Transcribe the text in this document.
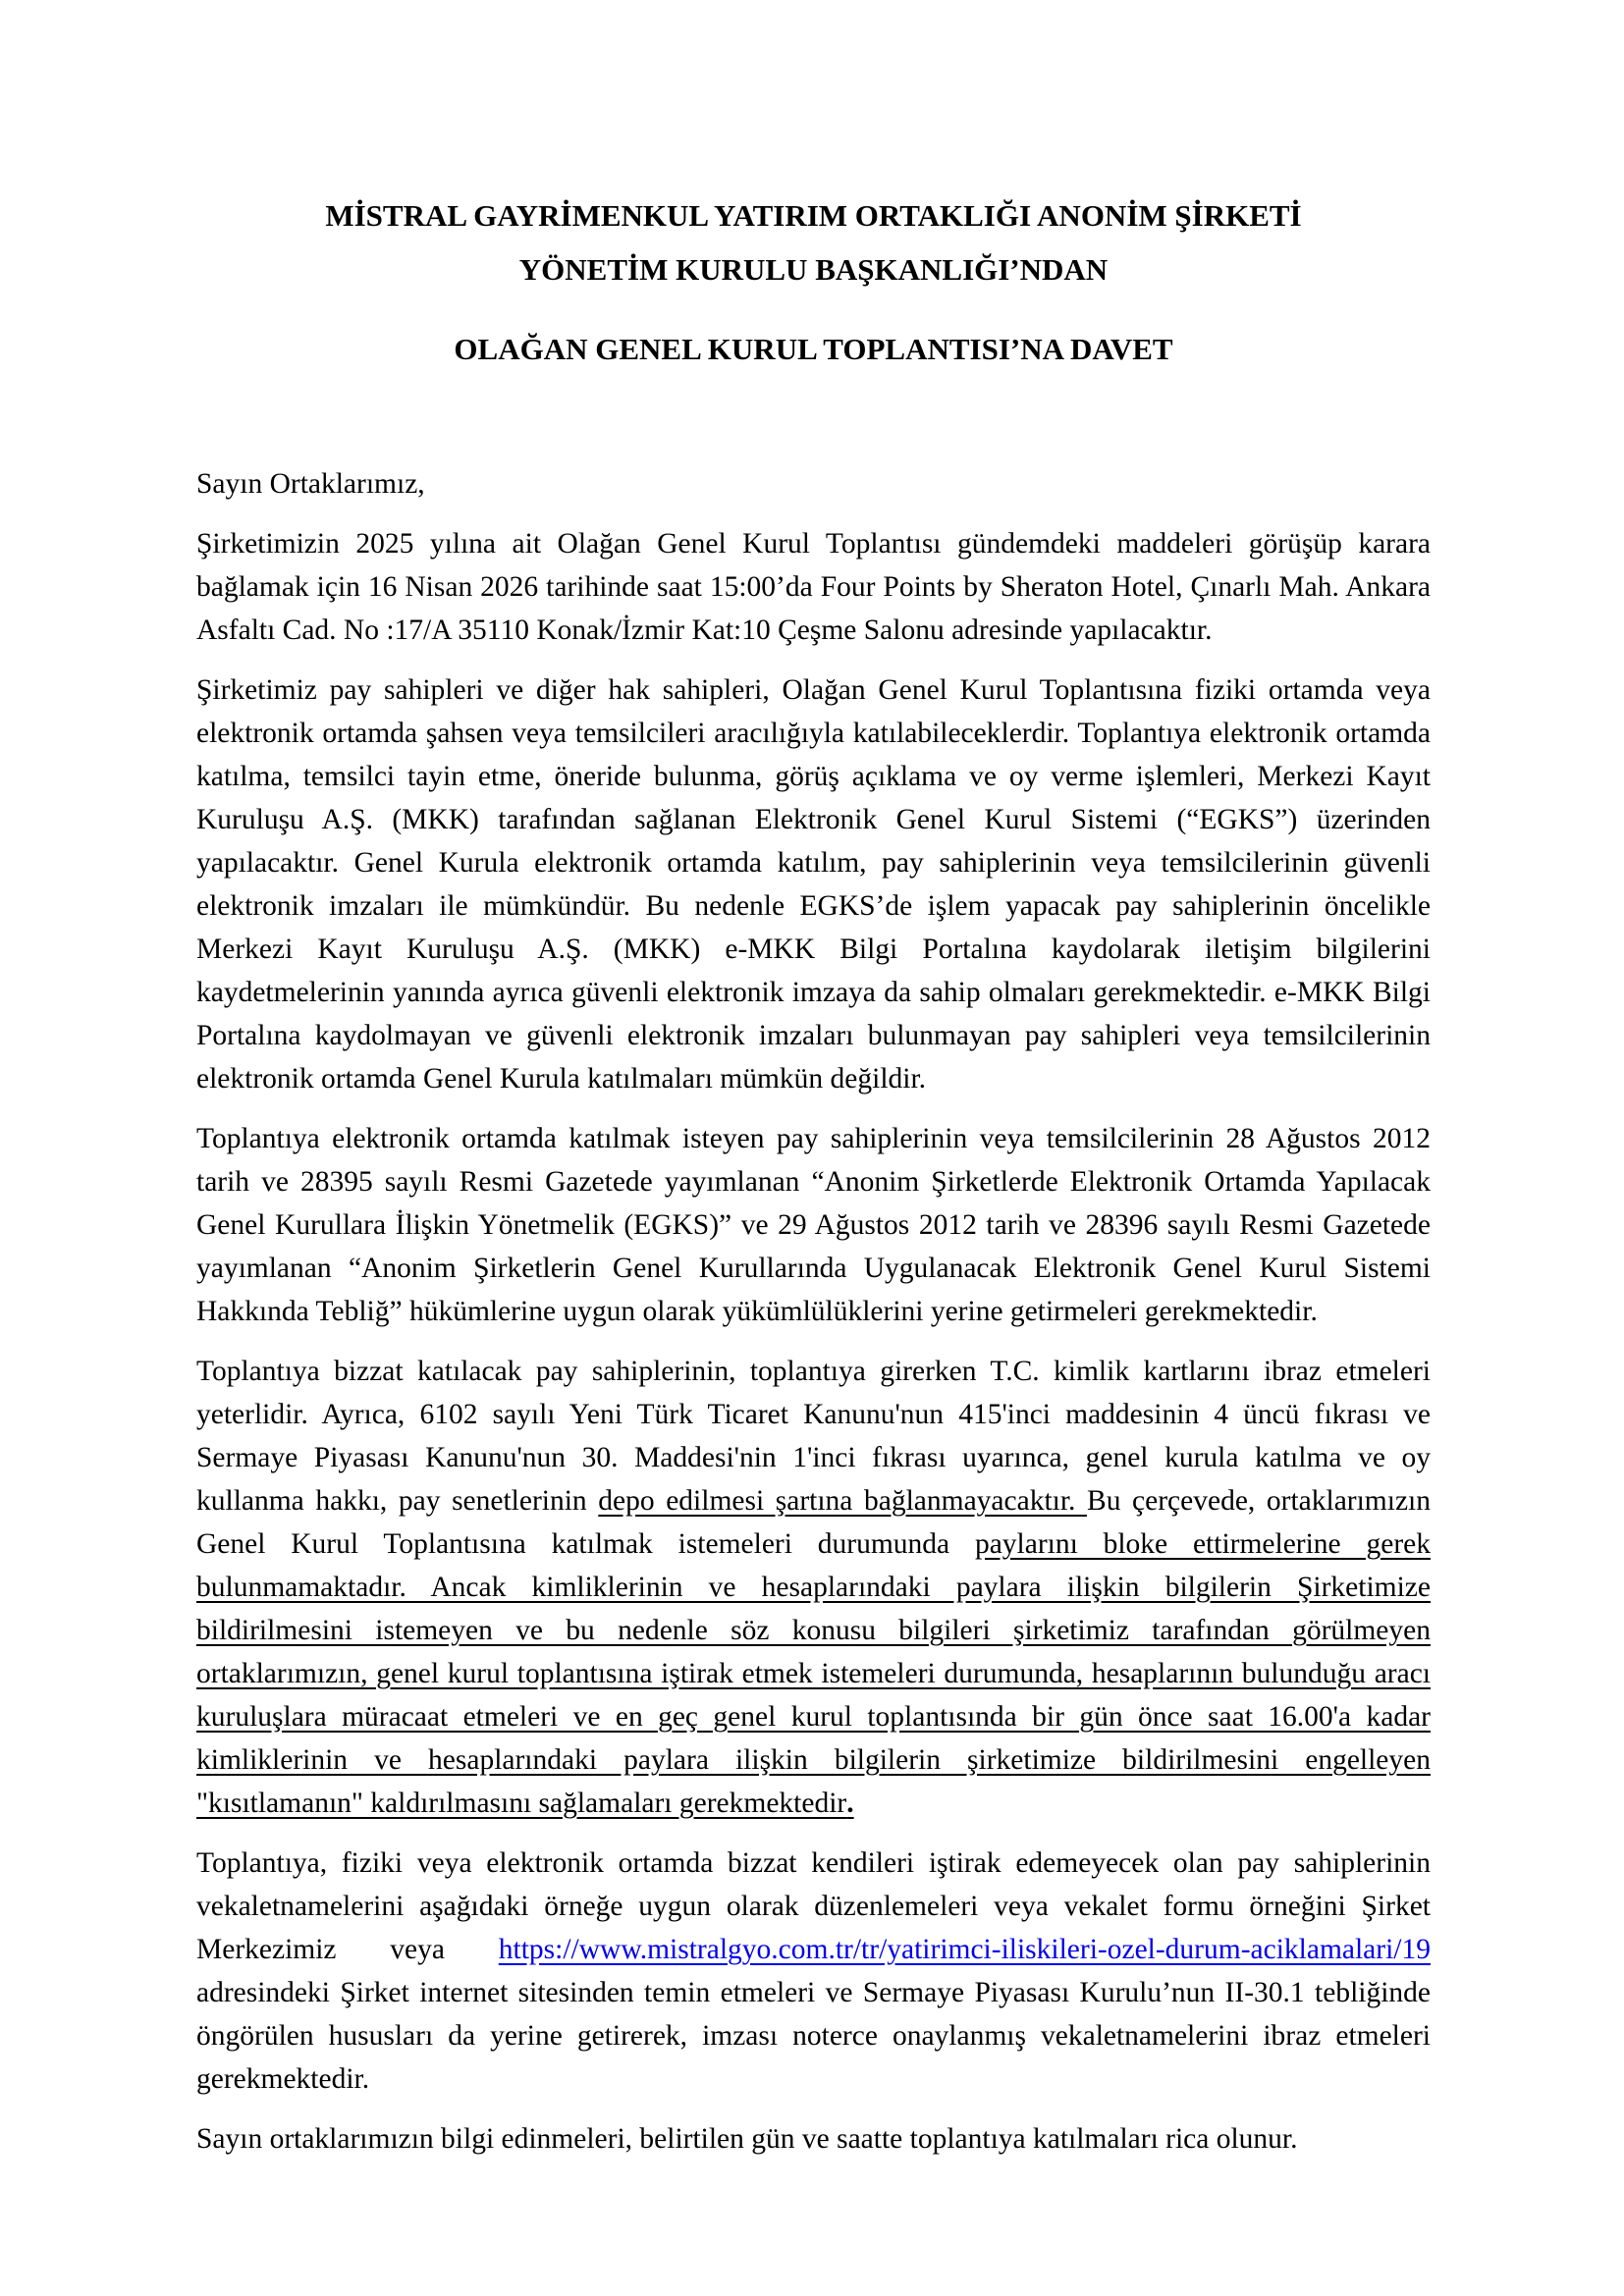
MİSTRAL GAYRİMENKUL YATIRIM ORTAKLIĞI ANONİM ŞİRKETİ
YÖNETİM KURULU BAŞKANLIĞI’NDAN
OLAĞAN GENEL KURUL TOPLANTISI’NA DAVET

Sayın Ortaklarımız,

Şirketimizin 2025 yılına ait Olağan Genel Kurul Toplantısı gündemdeki maddeleri görüşüp karara bağlamak için 16 Nisan 2026 tarihinde saat 15:00’da Four Points by Sheraton Hotel, Çınarlı Mah. Ankara Asfaltı Cad. No :17/A 35110 Konak/İzmir Kat:10 Çeşme Salonu adresinde yapılacaktır.

Şirketimiz pay sahipleri ve diğer hak sahipleri, Olağan Genel Kurul Toplantısına fiziki ortamda veya elektronik ortamda şahsen veya temsilcileri aracılığıyla katılabileceklerdir. Toplantıya elektronik ortamda katılma, temsilci tayin etme, öneride bulunma, görüş açıklama ve oy verme işlemleri, Merkezi Kayıt Kuruluşu A.Ş. (MKK) tarafından sağlanan Elektronik Genel Kurul Sistemi (“EGKS”) üzerinden yapılacaktır. Genel Kurula elektronik ortamda katılım, pay sahiplerinin veya temsilcilerinin güvenli elektronik imzaları ile mümkündür. Bu nedenle EGKS’de işlem yapacak pay sahiplerinin öncelikle Merkezi Kayıt Kuruluşu A.Ş. (MKK) e-MKK Bilgi Portalına kaydolarak iletişim bilgilerini kaydetmelerinin yanında ayrıca güvenli elektronik imzaya da sahip olmaları gerekmektedir. e-MKK Bilgi Portalına kaydolmayan ve güvenli elektronik imzaları bulunmayan pay sahipleri veya temsilcilerinin elektronik ortamda Genel Kurula katılmaları mümkün değildir.

Toplantıya elektronik ortamda katılmak isteyen pay sahiplerinin veya temsilcilerinin 28 Ağustos 2012 tarih ve 28395 sayılı Resmi Gazetede yayımlanan “Anonim Şirketlerde Elektronik Ortamda Yapılacak Genel Kurullara İlişkin Yönetmelik (EGKS)” ve 29 Ağustos 2012 tarih ve 28396 sayılı Resmi Gazetede yayımlanan “Anonim Şirketlerin Genel Kurullarında Uygulanacak Elektronik Genel Kurul Sistemi Hakkında Tebliğ” hükümlerine uygun olarak yükümlülüklerini yerine getirmeleri gerekmektedir.

Toplantıya bizzat katılacak pay sahiplerinin, toplantıya girerken T.C. kimlik kartlarını ibraz etmeleri yeterlidir. Ayrıca, 6102 sayılı Yeni Türk Ticaret Kanunu'nun 415'inci maddesinin 4 üncü fıkrası ve Sermaye Piyasası Kanunu'nun 30. Maddesi'nin 1'inci fıkrası uyarınca, genel kurula katılma ve oy kullanma hakkı, pay senetlerinin depo edilmesi şartına bağlanmayacaktır. Bu çerçevede, ortaklarımızın Genel Kurul Toplantısına katılmak istemeleri durumunda paylarını bloke ettirmelerine gerek bulunmamaktadır. Ancak kimliklerinin ve hesaplarındaki paylara ilişkin bilgilerin Şirketimize bildirilmesini istemeyen ve bu nedenle söz konusu bilgileri şirketimiz tarafından görülmeyen ortaklarımızın, genel kurul toplantısına iştirak etmek istemeleri durumunda, hesaplarının bulunduğu aracı kuruluşlara müracaat etmeleri ve en geç genel kurul toplantısında bir gün önce saat 16.00'a kadar kimliklerinin ve hesaplarındaki paylara ilişkin bilgilerin şirketimize bildirilmesini engelleyen "kısıtlamanın" kaldırılmasını sağlamaları gerekmektedir.

Toplantıya, fiziki veya elektronik ortamda bizzat kendileri iştirak edemeyecek olan pay sahiplerinin vekaletnamelerini aşağıdaki örneğe uygun olarak düzenlemeleri veya vekalet formu örneğini Şirket Merkezimiz veya https://www.mistralgyo.com.tr/tr/yatirimci-iliskileri-ozel-durum-aciklamalari/19 adresindeki Şirket internet sitesinden temin etmeleri ve Sermaye Piyasası Kurulu’nun II-30.1 tebliğinde öngörülen hususları da yerine getirerek, imzası noterce onaylanmış vekaletnamelerini ibraz etmeleri gerekmektedir.

Sayın ortaklarımızın bilgi edinmeleri, belirtilen gün ve saatte toplantıya katılmaları rica olunur.
